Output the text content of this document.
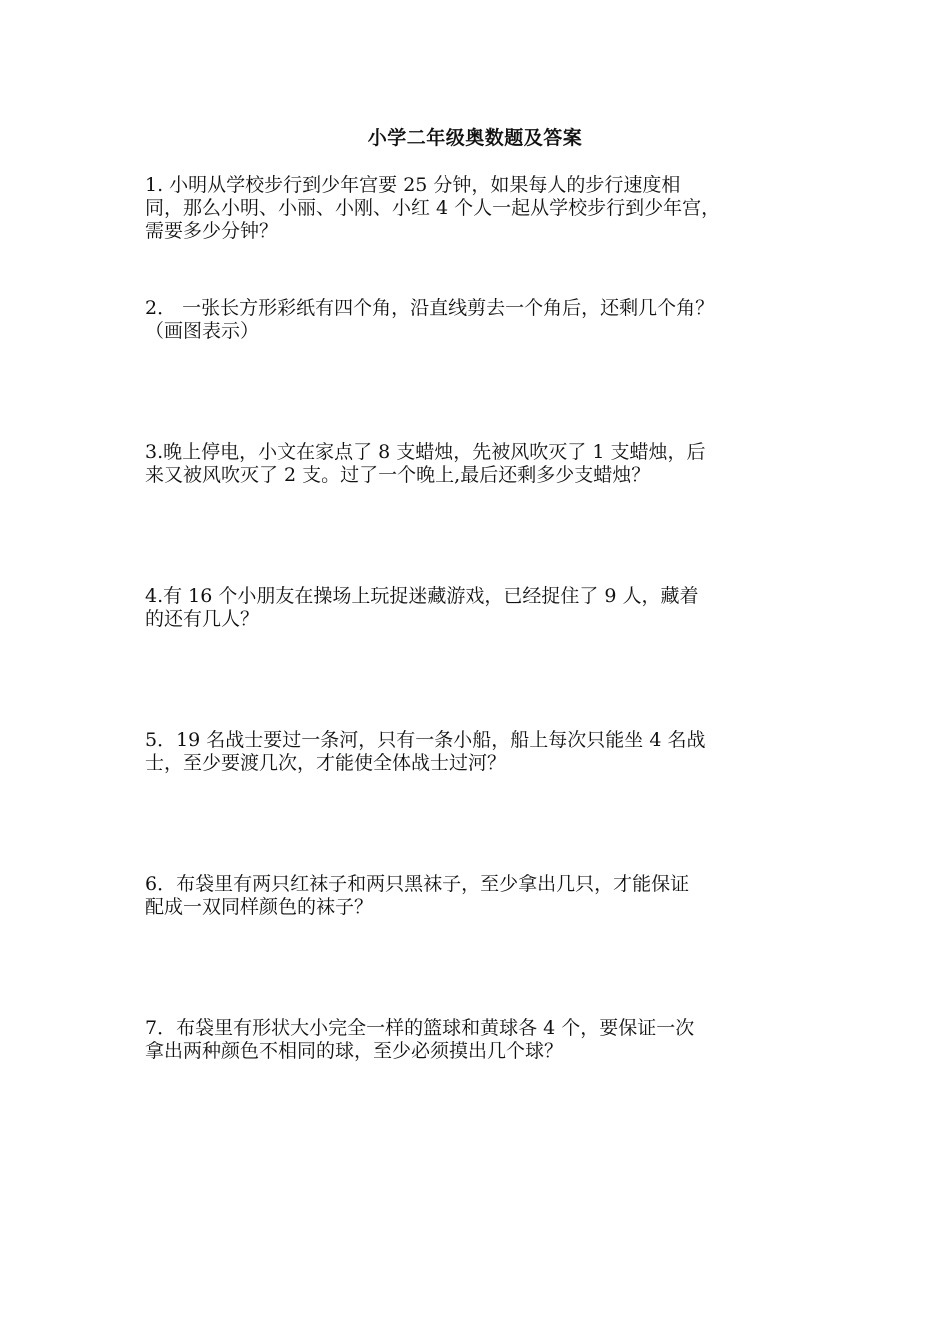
小学二年级奥数题及答案
1. 小明从学校步行到少年宫要 25 分钟，如果每人的步行速度相
同，那么小明、小丽、小刚、小红 4 个人一起从学校步行到少年宫，
需要多少分钟？
2． 一张长方形彩纸有四个角，沿直线剪去一个角后，还剩几个角？
（画图表示）
3.晚上停电，小文在家点了 8 支蜡烛，先被风吹灭了 1 支蜡烛，后
来又被风吹灭了 2 支。过了一个晚上,最后还剩多少支蜡烛？
4.有 16 个小朋友在操场上玩捉迷藏游戏，已经捉住了 9 人，藏着
的还有几人？
5．19 名战士要过一条河，只有一条小船，船上每次只能坐 4 名战
士，至少要渡几次，才能使全体战士过河？
6．布袋里有两只红袜子和两只黑袜子，至少拿出几只，才能保证
配成一双同样颜色的袜子？
7．布袋里有形状大小完全一样的篮球和黄球各 4 个，要保证一次
拿出两种颜色不相同的球，至少必须摸出几个球？
